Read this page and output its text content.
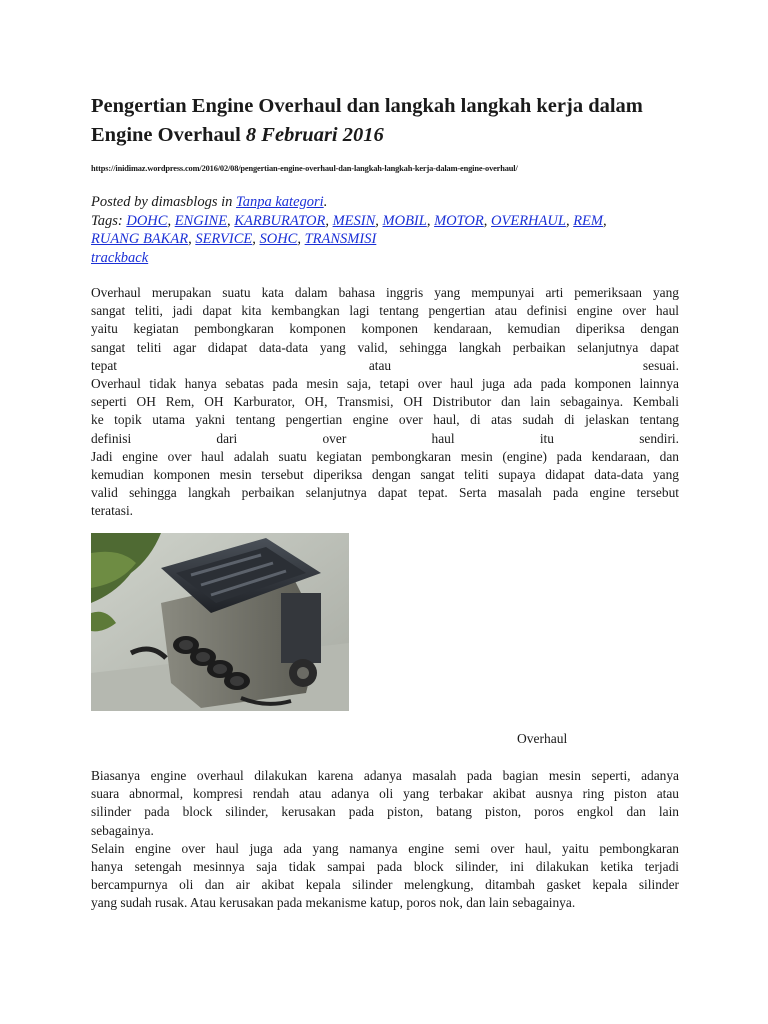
Pengertian Engine Overhaul dan langkah langkah kerja dalam Engine Overhaul 8 Februari 2016
https://inidimaz.wordpress.com/2016/02/08/pengertian-engine-overhaul-dan-langkah-langkah-kerja-dalam-engine-overhaul/
Posted by dimasblogs in Tanpa kategori.
Tags: DOHC, ENGINE, KARBURATOR, MESIN, MOBIL, MOTOR, OVERHAUL, REM,
RUANG BAKAR, SERVICE, SOHC, TRANSMISI
trackback
Overhaul merupakan suatu kata dalam bahasa inggris yang mempunyai arti pemeriksaan yang
sangat teliti, jadi dapat kita kembangkan lagi tentang pengertian atau definisi engine over haul
yaitu kegiatan pembongkaran komponen komponen kendaraan, kemudian diperiksa dengan
sangat teliti agar didapat data-data yang valid, sehingga langkah perbaikan selanjutnya dapat
tepat atau sesuai.
Overhaul tidak hanya sebatas pada mesin saja, tetapi over haul juga ada pada komponen lainnya
seperti OH Rem, OH Karburator, OH, Transmisi, OH Distributor dan lain sebagainya. Kembali
ke topik utama yakni tentang pengertian engine over haul, di atas sudah di jelaskan tentang
definisi dari over haul itu sendiri.
Jadi engine over haul adalah suatu kegiatan pembongkaran mesin (engine) pada kendaraan, dan
kemudian komponen mesin tersebut diperiksa dengan sangat teliti supaya didapat data-data yang
valid sehingga langkah perbaikan selanjutnya dapat tepat. Serta masalah pada engine tersebut
teratasi.
Overhaul
Biasanya engine overhaul dilakukan karena adanya masalah pada bagian mesin seperti, adanya
suara abnormal, kompresi rendah atau adanya oli yang terbakar akibat ausnya ring piston atau
silinder pada block silinder, kerusakan pada piston, batang piston, poros engkol dan lain
sebagainya.
Selain engine over haul juga ada yang namanya engine semi over haul, yaitu pembongkaran
hanya setengah mesinnya saja tidak sampai pada block silinder, ini dilakukan ketika terjadi
bercampurnya oli dan air akibat kepala silinder melengkung, ditambah gasket kepala silinder
yang sudah rusak. Atau kerusakan pada mekanisme katup, poros nok, dan lain sebagainya.
